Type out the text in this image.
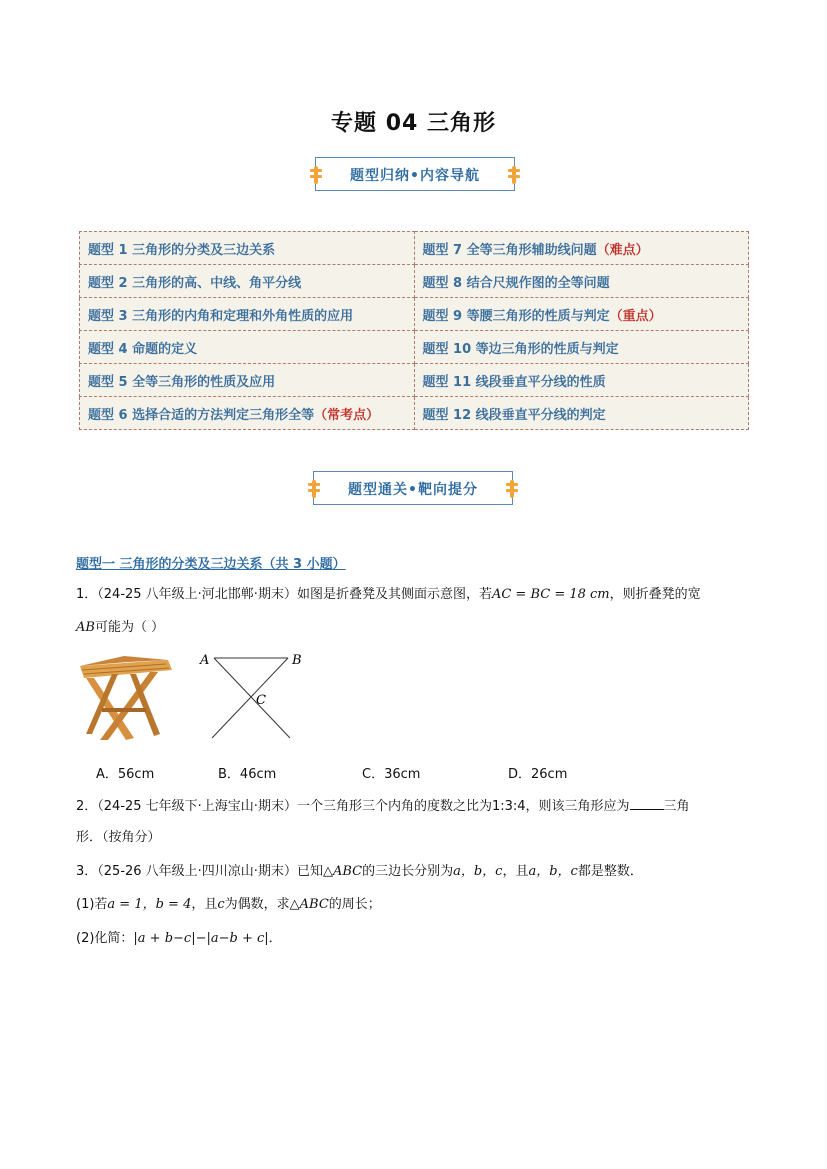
专题 04 三角形
题型归纳•内容导航
题型 1 三角形的分类及三边关系	题型 7 全等三角形辅助线问题（难点）
题型 2 三角形的高、中线、角平分线	题型 8 结合尺规作图的全等问题
题型 3 三角形的内角和定理和外角性质的应用	题型 9 等腰三角形的性质与判定（重点）
题型 4 命题的定义	题型 10 等边三角形的性质与判定
题型 5 全等三角形的性质及应用	题型 11 线段垂直平分线的性质
题型 6 选择合适的方法判定三角形全等（常考点）	题型 12 线段垂直平分线的判定
题型通关•靶向提分
题型一 三角形的分类及三边关系（共 3 小题）
1．（24-25 八年级上·河北邯郸·期末）如图是折叠凳及其侧面示意图，若AC = BC = 18 cm，则折叠凳的宽
AB可能为（ ）
A	B
C
A．56cm	B．46cm	C．36cm	D．26cm
2．（24-25 七年级下·上海宝山·期末）一个三角形三个内角的度数之比为1:3:4，则该三角形应为	三角
形．（按角分）
3．（25-26 八年级上·四川凉山·期末）已知△ABC的三边长分别为a，b，c，且a，b，c都是整数．
(1)若a = 1，b = 4，且c为偶数，求△ABC的周长；
(2)化简：|a + b−c|−|a−b + c|．
